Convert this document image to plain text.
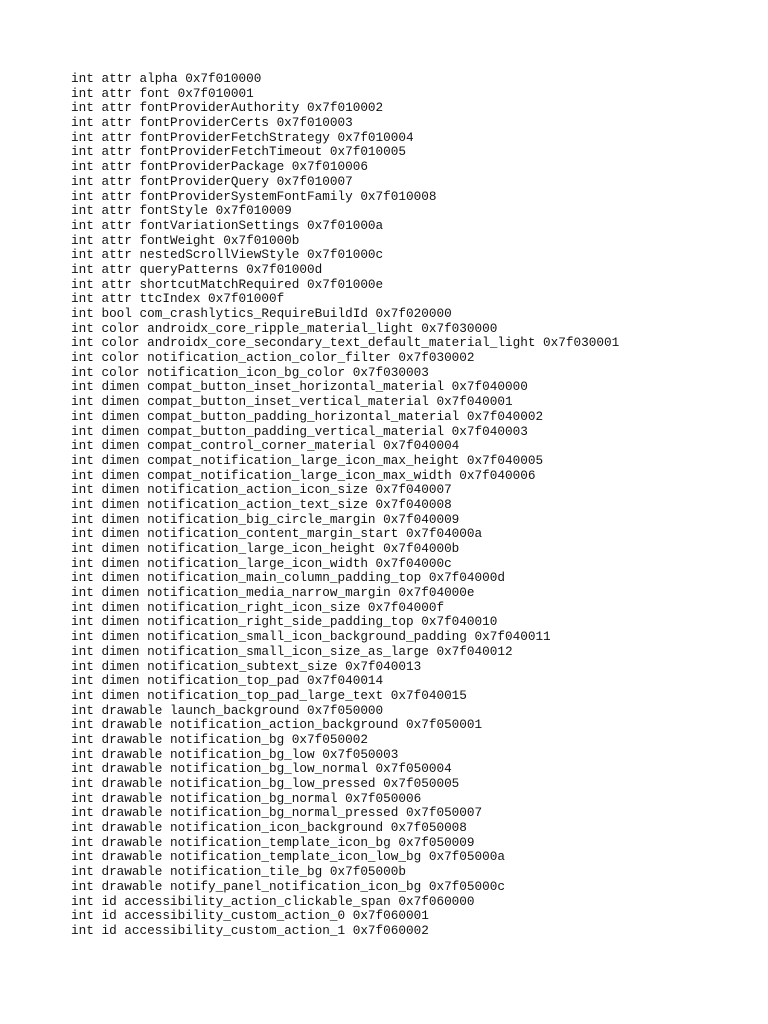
int attr alpha 0x7f010000
int attr font 0x7f010001
int attr fontProviderAuthority 0x7f010002
int attr fontProviderCerts 0x7f010003
int attr fontProviderFetchStrategy 0x7f010004
int attr fontProviderFetchTimeout 0x7f010005
int attr fontProviderPackage 0x7f010006
int attr fontProviderQuery 0x7f010007
int attr fontProviderSystemFontFamily 0x7f010008
int attr fontStyle 0x7f010009
int attr fontVariationSettings 0x7f01000a
int attr fontWeight 0x7f01000b
int attr nestedScrollViewStyle 0x7f01000c
int attr queryPatterns 0x7f01000d
int attr shortcutMatchRequired 0x7f01000e
int attr ttcIndex 0x7f01000f
int bool com_crashlytics_RequireBuildId 0x7f020000
int color androidx_core_ripple_material_light 0x7f030000
int color androidx_core_secondary_text_default_material_light 0x7f030001
int color notification_action_color_filter 0x7f030002
int color notification_icon_bg_color 0x7f030003
int dimen compat_button_inset_horizontal_material 0x7f040000
int dimen compat_button_inset_vertical_material 0x7f040001
int dimen compat_button_padding_horizontal_material 0x7f040002
int dimen compat_button_padding_vertical_material 0x7f040003
int dimen compat_control_corner_material 0x7f040004
int dimen compat_notification_large_icon_max_height 0x7f040005
int dimen compat_notification_large_icon_max_width 0x7f040006
int dimen notification_action_icon_size 0x7f040007
int dimen notification_action_text_size 0x7f040008
int dimen notification_big_circle_margin 0x7f040009
int dimen notification_content_margin_start 0x7f04000a
int dimen notification_large_icon_height 0x7f04000b
int dimen notification_large_icon_width 0x7f04000c
int dimen notification_main_column_padding_top 0x7f04000d
int dimen notification_media_narrow_margin 0x7f04000e
int dimen notification_right_icon_size 0x7f04000f
int dimen notification_right_side_padding_top 0x7f040010
int dimen notification_small_icon_background_padding 0x7f040011
int dimen notification_small_icon_size_as_large 0x7f040012
int dimen notification_subtext_size 0x7f040013
int dimen notification_top_pad 0x7f040014
int dimen notification_top_pad_large_text 0x7f040015
int drawable launch_background 0x7f050000
int drawable notification_action_background 0x7f050001
int drawable notification_bg 0x7f050002
int drawable notification_bg_low 0x7f050003
int drawable notification_bg_low_normal 0x7f050004
int drawable notification_bg_low_pressed 0x7f050005
int drawable notification_bg_normal 0x7f050006
int drawable notification_bg_normal_pressed 0x7f050007
int drawable notification_icon_background 0x7f050008
int drawable notification_template_icon_bg 0x7f050009
int drawable notification_template_icon_low_bg 0x7f05000a
int drawable notification_tile_bg 0x7f05000b
int drawable notify_panel_notification_icon_bg 0x7f05000c
int id accessibility_action_clickable_span 0x7f060000
int id accessibility_custom_action_0 0x7f060001
int id accessibility_custom_action_1 0x7f060002
